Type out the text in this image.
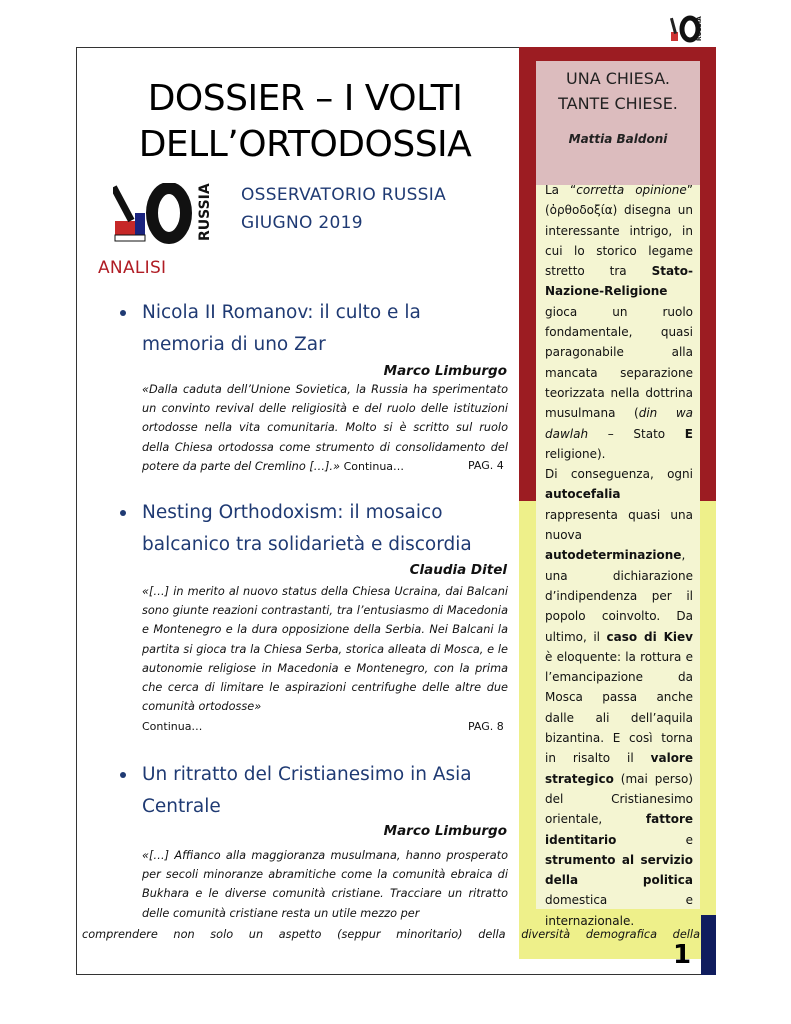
RUSSIA
UNA CHIESA.
TANTE CHIESE.
Mattia Baldoni

La “corretta opinione” (ὀρθοδοξία) disegna un interessante intrigo, in cui lo storico legame stretto tra Stato-Nazione-Religione gioca un ruolo fondamentale, quasi paragonabile alla mancata separazione teorizzata nella dottrina musulmana (din wa dawlah – Stato E religione).

Di conseguenza, ogni autocefalia rappresenta quasi una nuova autodeterminazione, una dichiarazione d’indipendenza per il popolo coinvolto. Da ultimo, il caso di Kiev è eloquente: la rottura e l’emancipazione da Mosca passa anche dalle ali dell’aquila bizantina. E così torna in risalto il valore strategico (mai perso) del Cristianesimo orientale, fattore identitario e strumento al servizio della politica domestica e internazionale.

DOSSIER – I VOLTI DELL’ORTODOSSIA
RUSSIA OSSERVATORIO RUSSIA
GIUGNO 2019
ANALISI
Nicola II Romanov: il culto e la memoria di uno Zar
Marco Limburgo
«Dalla caduta dell’Unione Sovietica, la Russia ha sperimentato un convinto revival delle religiosità e del ruolo delle istituzioni ortodosse nella vita comunitaria. Molto si è scritto sul ruolo della Chiesa ortodossa come strumento di consolidamento del potere da parte del Cremlino […].» Continua…	PAG. 4
Nesting Orthodoxism: il mosaico balcanico tra solidarietà e discordia
Claudia Ditel
«[…] in merito al nuovo status della Chiesa Ucraina, dai Balcani sono giunte reazioni contrastanti, tra l’entusiasmo di Macedonia e Montenegro e la dura opposizione della Serbia. Nei Balcani la partita si gioca tra la Chiesa Serba, storica alleata di Mosca, e le autonomie religiose in Macedonia e Montenegro, con la prima che cerca di limitare le aspirazioni centrifughe delle altre due comunità ortodosse»
Continua…	PAG. 8
Un ritratto del Cristianesimo in Asia Centrale
Marco Limburgo
«[…] Affianco alla maggioranza musulmana, hanno prosperato per secoli minoranze abramitiche come la comunità ebraica di Bukhara e le diverse comunità cristiane. Tracciare un ritratto delle comunità cristiane resta un utile mezzo per
comprendere non solo un aspetto (seppur minoritario) della diversità demografica della
1
